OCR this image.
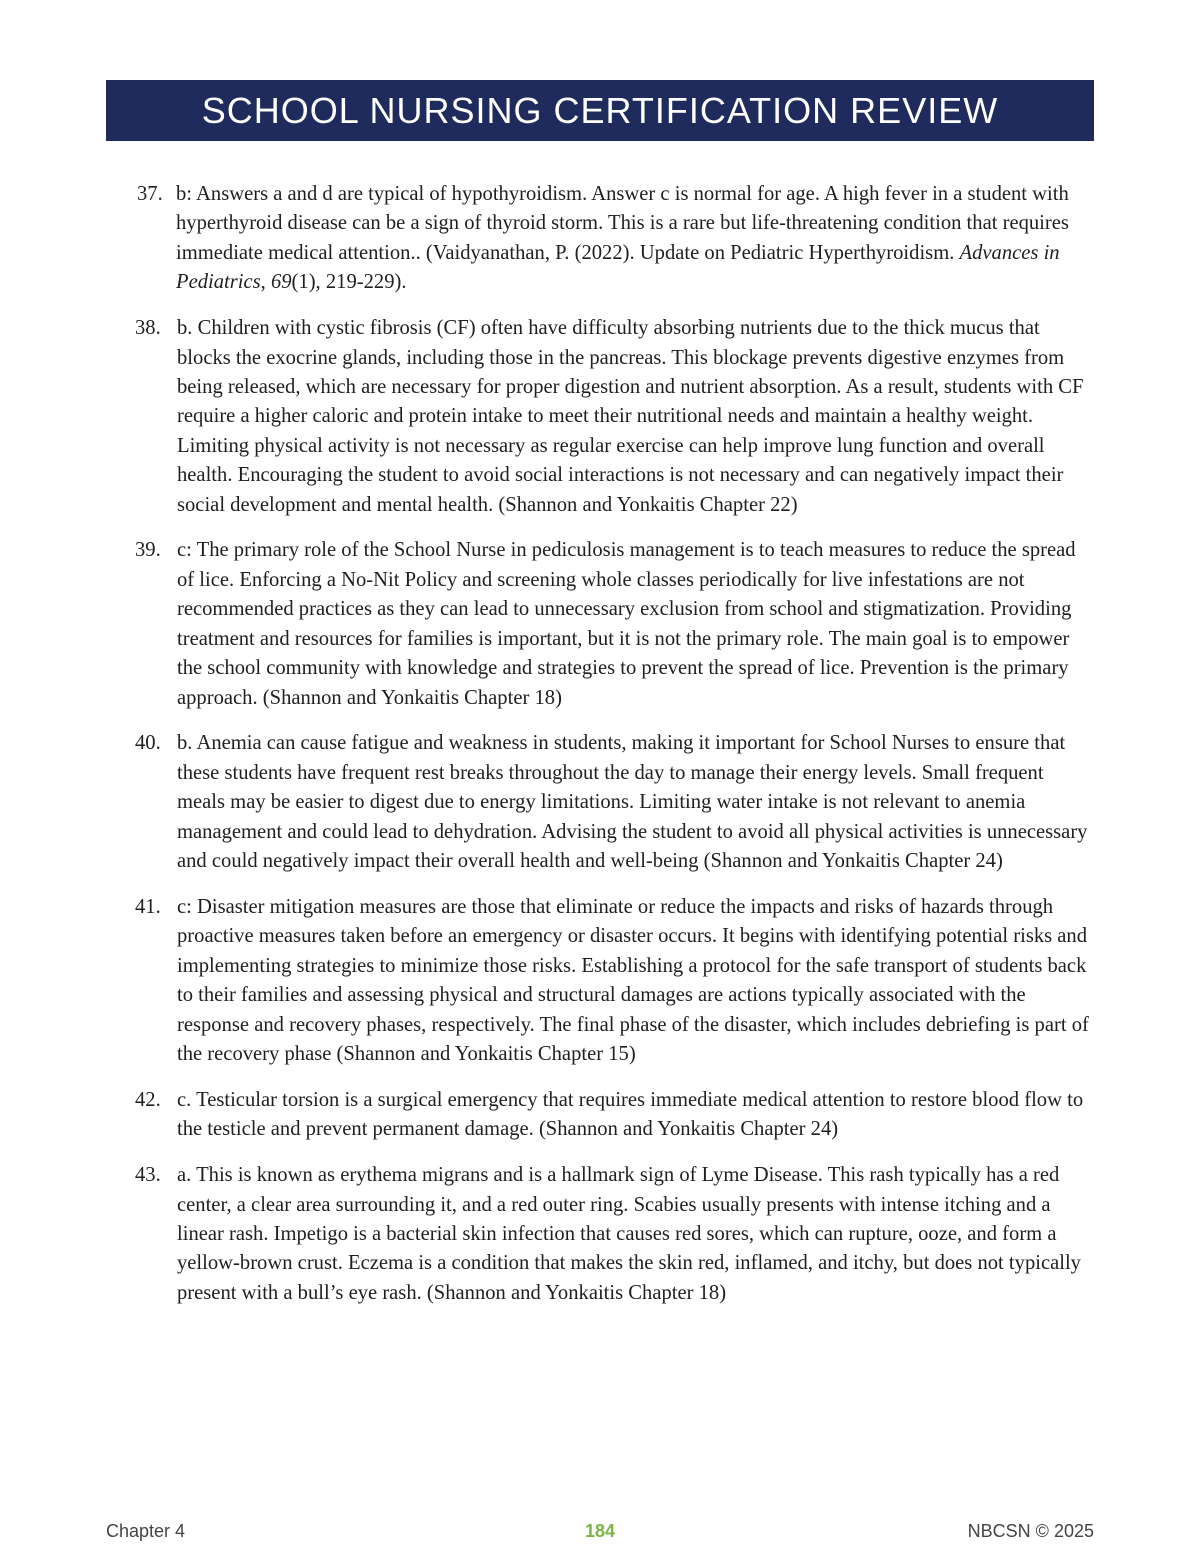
SCHOOL NURSING CERTIFICATION REVIEW
37. b: Answers a and d are typical of hypothyroidism. Answer c is normal for age. A high fever in a student with hyperthyroid disease can be a sign of thyroid storm. This is a rare but life-threatening condition that requires immediate medical attention.. (Vaidyanathan, P. (2022). Update on Pediatric Hyperthyroidism. Advances in Pediatrics, 69(1), 219-229).
38. b. Children with cystic fibrosis (CF) often have difficulty absorbing nutrients due to the thick mucus that blocks the exocrine glands, including those in the pancreas. This blockage prevents digestive enzymes from being released, which are necessary for proper digestion and nutrient absorption. As a result, students with CF require a higher caloric and protein intake to meet their nutritional needs and maintain a healthy weight. Limiting physical activity is not necessary as regular exercise can help improve lung function and overall health. Encouraging the student to avoid social interactions is not necessary and can negatively impact their social development and mental health. (Shannon and Yonkaitis Chapter 22)
39. c: The primary role of the School Nurse in pediculosis management is to teach measures to reduce the spread of lice. Enforcing a No-Nit Policy and screening whole classes periodically for live infestations are not recommended practices as they can lead to unnecessary exclusion from school and stigmatization. Providing treatment and resources for families is important, but it is not the primary role. The main goal is to empower the school community with knowledge and strategies to prevent the spread of lice. Prevention is the primary approach. (Shannon and Yonkaitis Chapter 18)
40. b. Anemia can cause fatigue and weakness in students, making it important for School Nurses to ensure that these students have frequent rest breaks throughout the day to manage their energy levels. Small frequent meals may be easier to digest due to energy limitations. Limiting water intake is not relevant to anemia management and could lead to dehydration. Advising the student to avoid all physical activities is unnecessary and could negatively impact their overall health and well-being (Shannon and Yonkaitis Chapter 24)
41. c: Disaster mitigation measures are those that eliminate or reduce the impacts and risks of hazards through proactive measures taken before an emergency or disaster occurs. It begins with identifying potential risks and implementing strategies to minimize those risks. Establishing a protocol for the safe transport of students back to their families and assessing physical and structural damages are actions typically associated with the response and recovery phases, respectively. The final phase of the disaster, which includes debriefing is part of the recovery phase (Shannon and Yonkaitis Chapter 15)
42. c. Testicular torsion is a surgical emergency that requires immediate medical attention to restore blood flow to the testicle and prevent permanent damage. (Shannon and Yonkaitis Chapter 24)
43. a. This is known as erythema migrans and is a hallmark sign of Lyme Disease. This rash typically has a red center, a clear area surrounding it, and a red outer ring. Scabies usually presents with intense itching and a linear rash. Impetigo is a bacterial skin infection that causes red sores, which can rupture, ooze, and form a yellow-brown crust. Eczema is a condition that makes the skin red, inflamed, and itchy, but does not typically present with a bull’s eye rash. (Shannon and Yonkaitis Chapter 18)
Chapter 4	184	NBCSN © 2025
